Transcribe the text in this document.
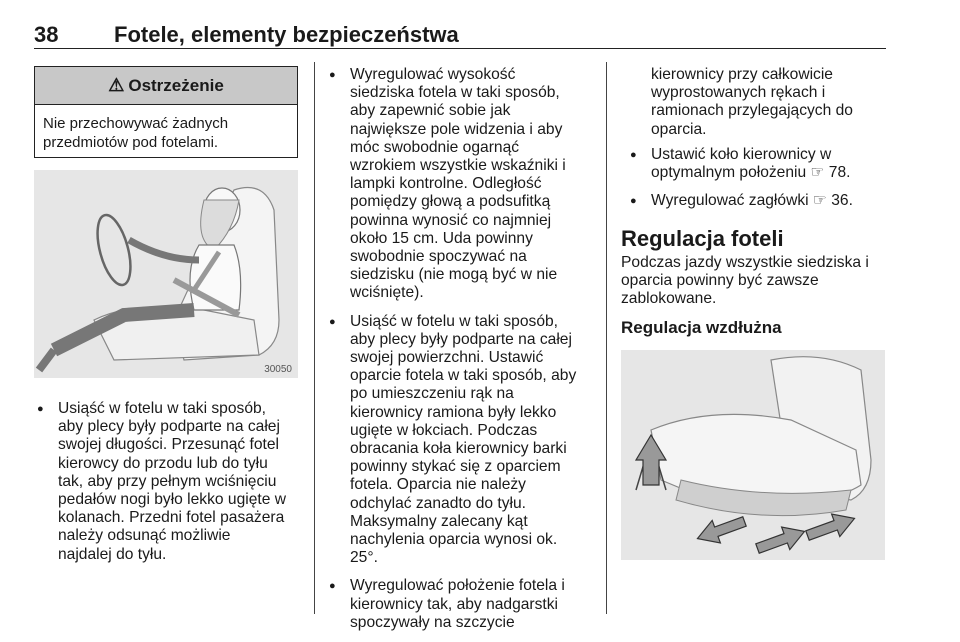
38	Fotele, elementy bezpieczeństwa
⚠ Ostrzeżenie
Nie przechowywać żadnych
przedmiotów pod fotelami.
30050
● Usiąść w fotelu w taki sposób,
aby plecy były podparte na całej
swojej długości. Przesunąć fotel
kierowcy do przodu lub do tyłu
tak, aby przy pełnym wciśnięciu
pedałów nogi było lekko ugięte w
kolanach. Przedni fotel pasażera
należy odsunąć możliwie
najdalej do tyłu.
● Wyregulować wysokość
siedziska fotela w taki sposób,
aby zapewnić sobie jak
największe pole widzenia i aby
móc swobodnie ogarnąć
wzrokiem wszystkie wskaźniki i
lampki kontrolne. Odległość
pomiędzy głową a podsufitką
powinna wynosić co najmniej
około 15 cm. Uda powinny
swobodnie spoczywać na
siedzisku (nie mogą być w nie
wciśnięte).
● Usiąść w fotelu w taki sposób,
aby plecy były podparte na całej
swojej powierzchni. Ustawić
oparcie fotela w taki sposób, aby
po umieszczeniu rąk na
kierownicy ramiona były lekko
ugięte w łokciach. Podczas
obracania koła kierownicy barki
powinny stykać się z oparciem
fotela. Oparcia nie należy
odchylać zanadto do tyłu.
Maksymalny zalecany kąt
nachylenia oparcia wynosi ok.
25°.
● Wyregulować położenie fotela i
kierownicy tak, aby nadgarstki
spoczywały na szczycie
kierownicy przy całkowicie
wyprostowanych rękach i
ramionach przylegających do
oparcia.
● Ustawić koło kierownicy w
optymalnym położeniu ☞ 78.
● Wyregulować zagłówki ☞ 36.
Regulacja foteli
Podczas jazdy wszystkie siedziska i
oparcia powinny być zawsze
zablokowane.
Regulacja wzdłużna
